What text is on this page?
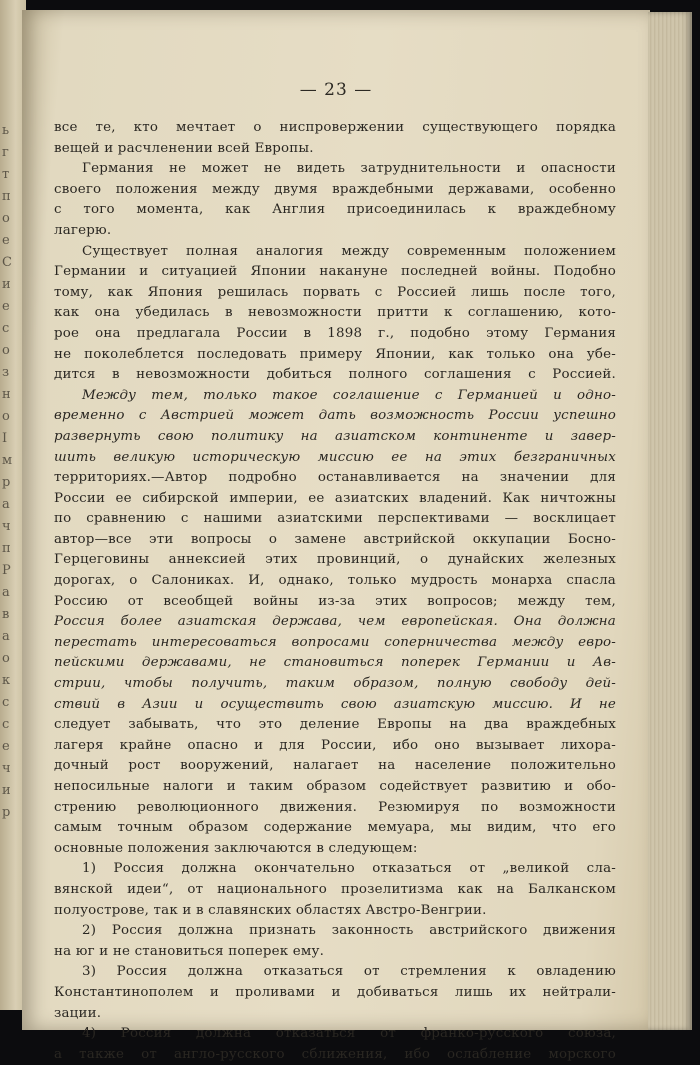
ь
г
т
п
о
е
С
и
е
с
о
з
н
о
I
м
р
а
ч
п
Р
а
в
а
о
к
с
с
е
ч
и
р
— 23 —
все те, кто мечтает о ниспровержении существующего порядка
вещей и расчленении всей Европы.
Германия не может не видеть затруднительности и опасности
своего положения между двумя враждебными державами, особенно
с того момента, как Англия присоединилась к враждебному
лагерю.
Существует полная аналогия между современным положением
Германии и ситуацией Японии накануне последней войны. Подобно
тому, как Япония решилась порвать с Россией лишь после того,
как она убедилась в невозможности притти к соглашению, кото-
рое она предлагала России в 1898 г., подобно этому Германия
не поколеблется последовать примеру Японии, как только она убе-
дится в невозможности добиться полного соглашения с Россией.
Между тем, только такое соглашение с Германией и одно-
временно с Австрией может дать возможность России успешно
развернуть свою политику на азиатском континенте и завер-
шить великую историческую миссию ее на этих безграничных
территориях.—Автор подробно останавливается на значении для
России ее сибирской империи, ее азиатских владений. Как ничтожны
по сравнению с нашими азиатскими перспективами — восклицает
автор—все эти вопросы о замене австрийской оккупации Босно-
Герцеговины аннексией этих провинций, о дунайских железных
дорогах, о Салониках. И, однако, только мудрость монарха спасла
Россию от всеобщей войны из-за этих вопросов; между тем,
Россия более азиатская держава, чем европейская. Она должна
перестать интересоваться вопросами соперничества между евро-
пейскими державами, не становиться поперек Германии и Ав-
стрии, чтобы получить, таким образом, полную свободу дей-
ствий в Азии и осуществить свою азиатскую миссию. И не
следует забывать, что это деление Европы на два враждебных
лагеря крайне опасно и для России, ибо оно вызывает лихора-
дочный рост вооружений, налагает на население положительно
непосильные налоги и таким образом содействует развитию и обо-
стрению революционного движения. Резюмируя по возможности
самым точным образом содержание мемуара, мы видим, что его
основные положения заключаются в следующем:
1) Россия должна окончательно отказаться от „великой сла-
вянской идеи“, от национального прозелитизма как на Балканском
полуострове, так и в славянских областях Австро-Венгрии.
2) Россия должна признать законность австрийского движения
на юг и не становиться поперек ему.
3) Россия должна отказаться от стремления к овладению
Константинополем и проливами и добиваться лишь их нейтрали-
зации.
4) Россия должна отказаться от франко-русского союза,
а также от англо-русского сближения, ибо ослабление морского
